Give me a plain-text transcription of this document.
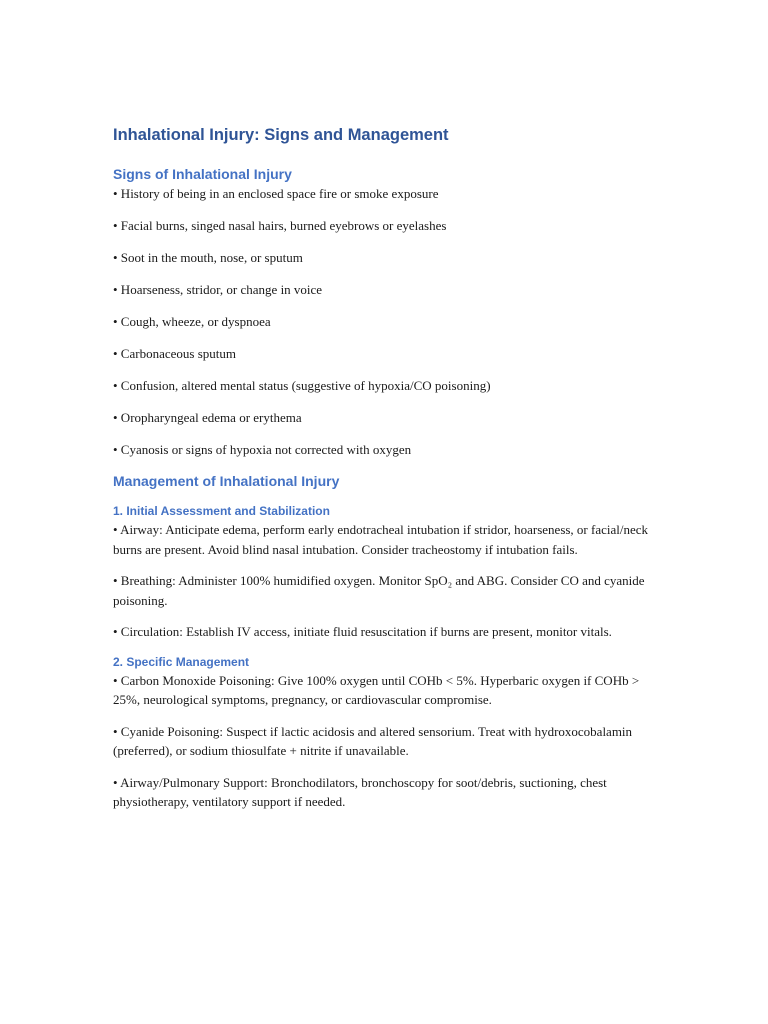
Inhalational Injury: Signs and Management
Signs of Inhalational Injury

• History of being in an enclosed space fire or smoke exposure

• Facial burns, singed nasal hairs, burned eyebrows or eyelashes

• Soot in the mouth, nose, or sputum

• Hoarseness, stridor, or change in voice

• Cough, wheeze, or dyspnoea

• Carbonaceous sputum

• Confusion, altered mental status (suggestive of hypoxia/CO poisoning)

• Oropharyngeal edema or erythema

• Cyanosis or signs of hypoxia not corrected with oxygen

Management of Inhalational Injury
1. Initial Assessment and Stabilization

• Airway: Anticipate edema, perform early endotracheal intubation if stridor, hoarseness, or facial/neck burns are present. Avoid blind nasal intubation. Consider tracheostomy if intubation fails.

• Breathing: Administer 100% humidified oxygen. Monitor SpO₂ and ABG. Consider CO and cyanide poisoning.

• Circulation: Establish IV access, initiate fluid resuscitation if burns are present, monitor vitals.

2. Specific Management

• Carbon Monoxide Poisoning: Give 100% oxygen until COHb < 5%. Hyperbaric oxygen if COHb > 25%, neurological symptoms, pregnancy, or cardiovascular compromise.

• Cyanide Poisoning: Suspect if lactic acidosis and altered sensorium. Treat with hydroxocobalamin (preferred), or sodium thiosulfate + nitrite if unavailable.

• Airway/Pulmonary Support: Bronchodilators, bronchoscopy for soot/debris, suctioning, chest physiotherapy, ventilatory support if needed.
